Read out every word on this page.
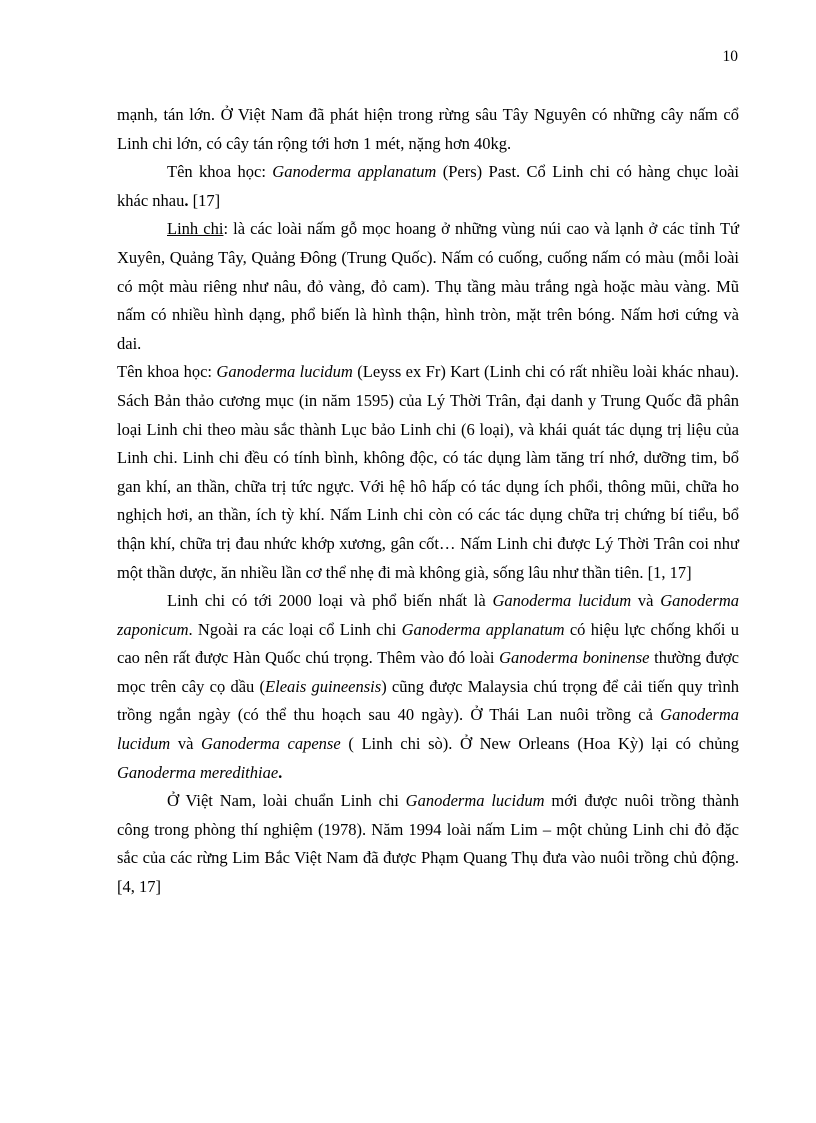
10

mạnh, tán lớn. Ở Việt Nam đã phát hiện trong rừng sâu Tây Nguyên có những cây nấm cổ Linh chi lớn, có cây tán rộng tới hơn 1 mét, nặng hơn 40kg.

Tên khoa học: Ganoderma applanatum (Pers) Past. Cổ Linh chi có hàng chục loài khác nhau. [17]

Linh chi: là các loài nấm gỗ mọc hoang ở những vùng núi cao và lạnh ở các tỉnh Tứ Xuyên, Quảng Tây, Quảng Đông (Trung Quốc). Nấm có cuống, cuống nấm có màu (mỗi loài có một màu riêng như nâu, đỏ vàng, đỏ cam). Thụ tầng màu trắng ngà hoặc màu vàng. Mũ nấm có nhiều hình dạng, phổ biến là hình thận, hình tròn, mặt trên bóng. Nấm hơi cứng và dai.

Tên khoa học: Ganoderma lucidum (Leyss ex Fr) Kart (Linh chi có rất nhiều loài khác nhau). Sách Bản thảo cương mục (in năm 1595) của Lý Thời Trân, đại danh y Trung Quốc đã phân loại Linh chi theo màu sắc thành Lục bảo Linh chi (6 loại), và khái quát tác dụng trị liệu của Linh chi. Linh chi đều có tính bình, không độc, có tác dụng làm tăng trí nhớ, dưỡng tim, bổ gan khí, an thần, chữa trị tức ngực. Với hệ hô hấp có tác dụng ích phổi, thông mũi, chữa ho nghịch hơi, an thần, ích tỳ khí. Nấm Linh chi còn có các tác dụng chữa trị chứng bí tiểu, bổ thận khí, chữa trị đau nhức khớp xương, gân cốt… Nấm Linh chi được Lý Thời Trân coi như một thần dược, ăn nhiều lần cơ thể nhẹ đi mà không già, sống lâu như thần tiên. [1, 17]

Linh chi có tới 2000 loại và phổ biến nhất là Ganoderma lucidum và Ganoderma zaponicum. Ngoài ra các loại cổ Linh chi Ganoderma applanatum có hiệu lực chống khối u cao nên rất được Hàn Quốc chú trọng. Thêm vào đó loài Ganoderma boninense thường được mọc trên cây cọ dầu (Eleais guineensis) cũng được Malaysia chú trọng để cải tiến quy trình trồng ngắn ngày (có thể thu hoạch sau 40 ngày). Ở Thái Lan nuôi trồng cả Ganoderma lucidum và Ganoderma capense ( Linh chi sò). Ở New Orleans (Hoa Kỳ) lại có chủng Ganoderma meredithiae.

Ở Việt Nam, loài chuẩn Linh chi Ganoderma lucidum mới được nuôi trồng thành công trong phòng thí nghiệm (1978). Năm 1994 loài nấm Lim – một chủng Linh chi đỏ đặc sắc của các rừng Lim Bắc Việt Nam đã được Phạm Quang Thụ đưa vào nuôi trồng chủ động. [4, 17]
